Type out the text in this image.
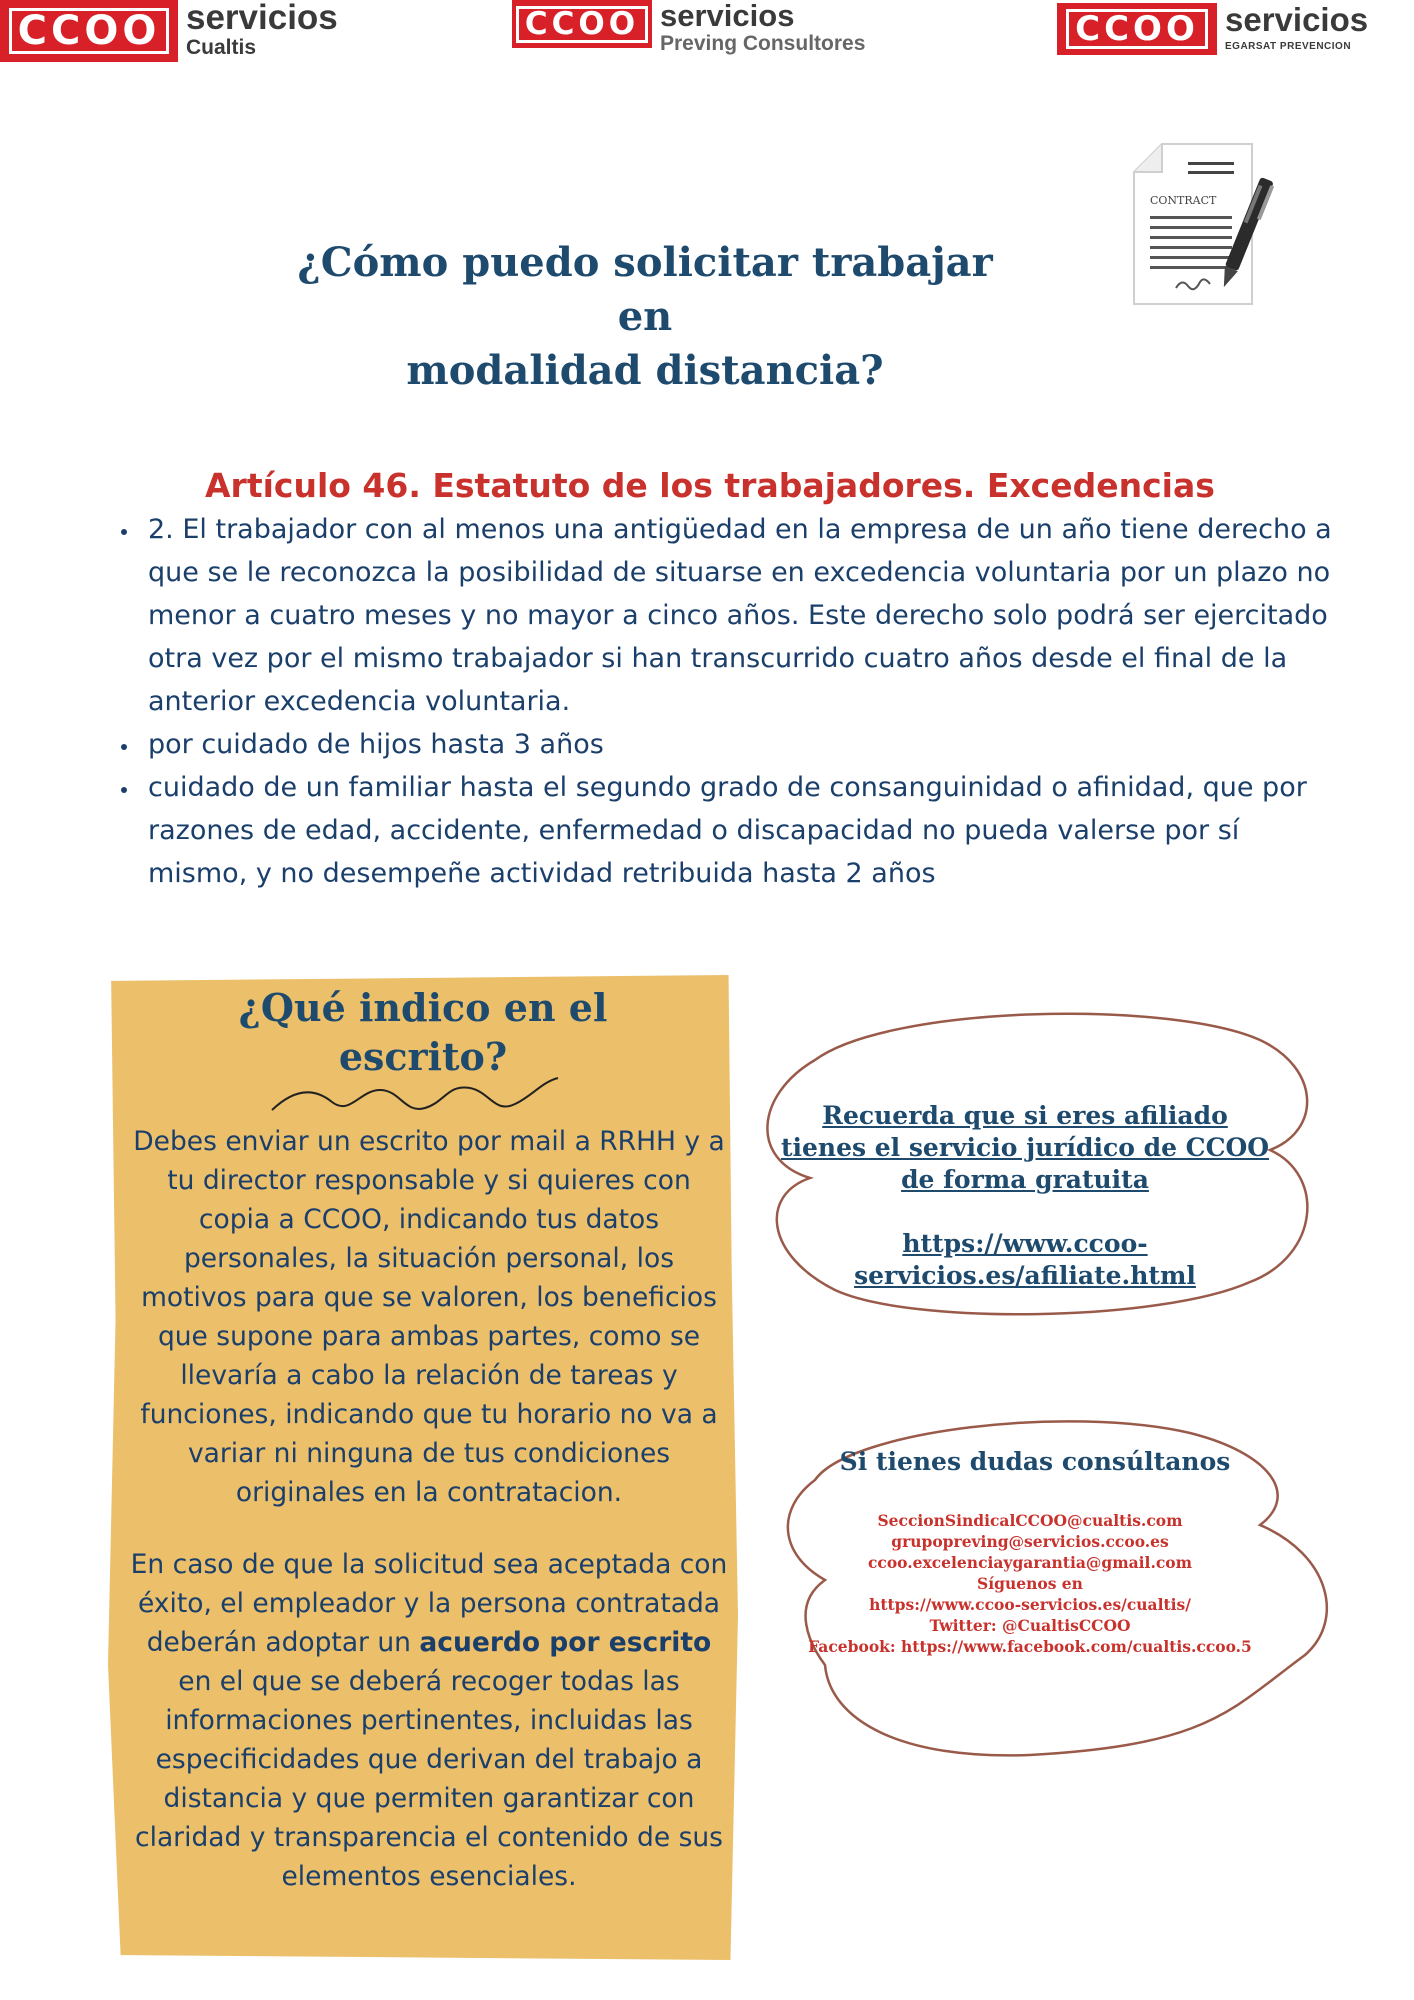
CCOO servicios
Cualtis
CCOO servicios
Preving Consultores	CCOO servicios
EGARSAT PREVENCION
CONTRACT
¿Cómo puedo solicitar trabajar en
modalidad distancia?
Artículo 46. Estatuto de los trabajadores. Excedencias
• 2. El trabajador con al menos una antigüedad en la empresa de un año tiene derecho a que se le reconozca la posibilidad de situarse en excedencia voluntaria por un plazo no menor a cuatro meses y no mayor a cinco años. Este derecho solo podrá ser ejercitado otra vez por el mismo trabajador si han transcurrido cuatro años desde el final de la anterior excedencia voluntaria.
• por cuidado de hijos hasta 3 años
• cuidado de un familiar hasta el segundo grado de consanguinidad o afinidad, que por razones de edad, accidente, enfermedad o discapacidad no pueda valerse por sí mismo, y no desempeñe actividad retribuida hasta 2 años
¿Qué indico en el
escrito?

Debes enviar un escrito por mail a RRHH y a tu director responsable y si quieres con copia a CCOO, indicando tus datos personales, la situación personal, los motivos para que se valoren, los beneficios que supone para ambas partes, como se llevaría a cabo la relación de tareas y funciones, indicando que tu horario no va a variar ni ninguna de tus condiciones originales en la contratacion.

En caso de que la solicitud sea aceptada con éxito, el empleador y la persona contratada deberán adoptar un acuerdo por escrito en el que se deberá recoger todas las informaciones pertinentes, incluidas las especificidades que derivan del trabajo a distancia y que permiten garantizar con claridad y transparencia el contenido de sus elementos esenciales.

Recuerda que si eres afiliado tienes el servicio jurídico de CCOO de forma gratuita
https://www.ccoo-servicios.es/afiliate.html
Si tienes dudas consúltanos
SeccionSindicalCCOO@cualtis.com
grupopreving@servicios.ccoo.es
ccoo.excelenciaygarantia@gmail.com
Síguenos en
https://www.ccoo-servicios.es/cualtis/
Twitter: @CualtisCCOO
Facebook: https://www.facebook.com/cualtis.ccoo.5
